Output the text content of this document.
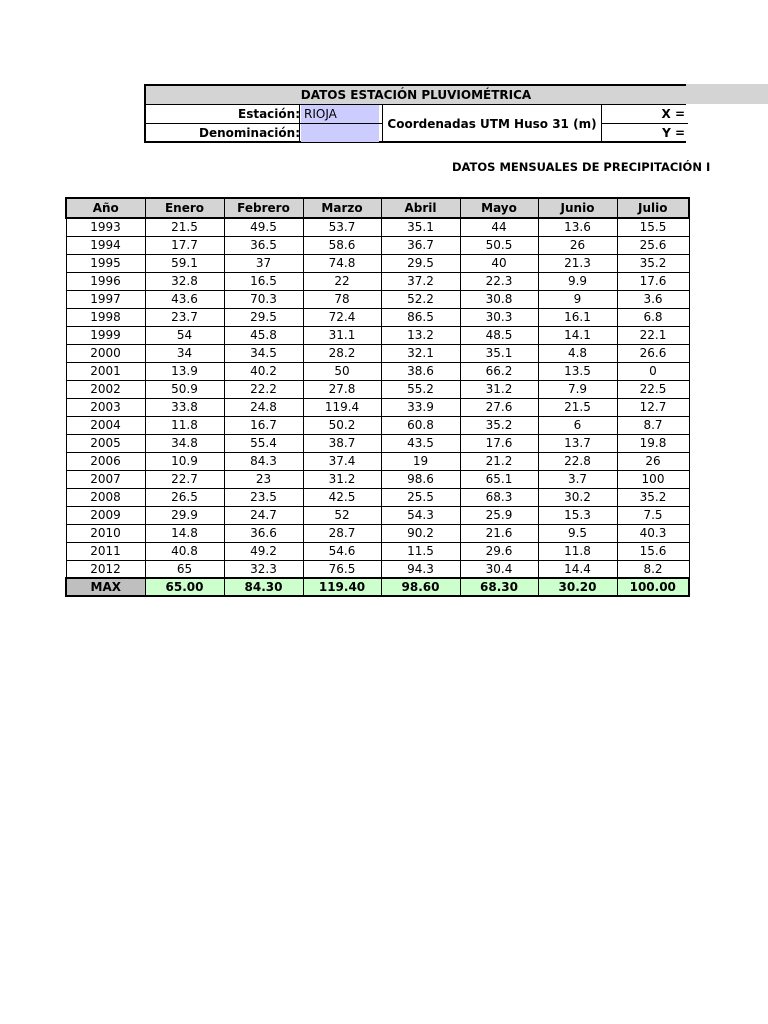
DATOS ESTACIÓN PLUVIOMÉTRICA
Estación: RIOJA
Denominación:
Coordenadas UTM Huso 31 (m)
X =
Y =
DATOS MENSUALES DE PRECIPITACIÓN I
Año	Enero	Febrero	Marzo	Abril	Mayo	Junio	Julio
1993	21.5	49.5	53.7	35.1	44	13.6	15.5
1994	17.7	36.5	58.6	36.7	50.5	26	25.6
1995	59.1	37	74.8	29.5	40	21.3	35.2
1996	32.8	16.5	22	37.2	22.3	9.9	17.6
1997	43.6	70.3	78	52.2	30.8	9	3.6
1998	23.7	29.5	72.4	86.5	30.3	16.1	6.8
1999	54	45.8	31.1	13.2	48.5	14.1	22.1
2000	34	34.5	28.2	32.1	35.1	4.8	26.6
2001	13.9	40.2	50	38.6	66.2	13.5	0
2002	50.9	22.2	27.8	55.2	31.2	7.9	22.5
2003	33.8	24.8	119.4	33.9	27.6	21.5	12.7
2004	11.8	16.7	50.2	60.8	35.2	6	8.7
2005	34.8	55.4	38.7	43.5	17.6	13.7	19.8
2006	10.9	84.3	37.4	19	21.2	22.8	26
2007	22.7	23	31.2	98.6	65.1	3.7	100
2008	26.5	23.5	42.5	25.5	68.3	30.2	35.2
2009	29.9	24.7	52	54.3	25.9	15.3	7.5
2010	14.8	36.6	28.7	90.2	21.6	9.5	40.3
2011	40.8	49.2	54.6	11.5	29.6	11.8	15.6
2012	65	32.3	76.5	94.3	30.4	14.4	8.2
MAX	65.00	84.30	119.40	98.60	68.30	30.20	100.00
